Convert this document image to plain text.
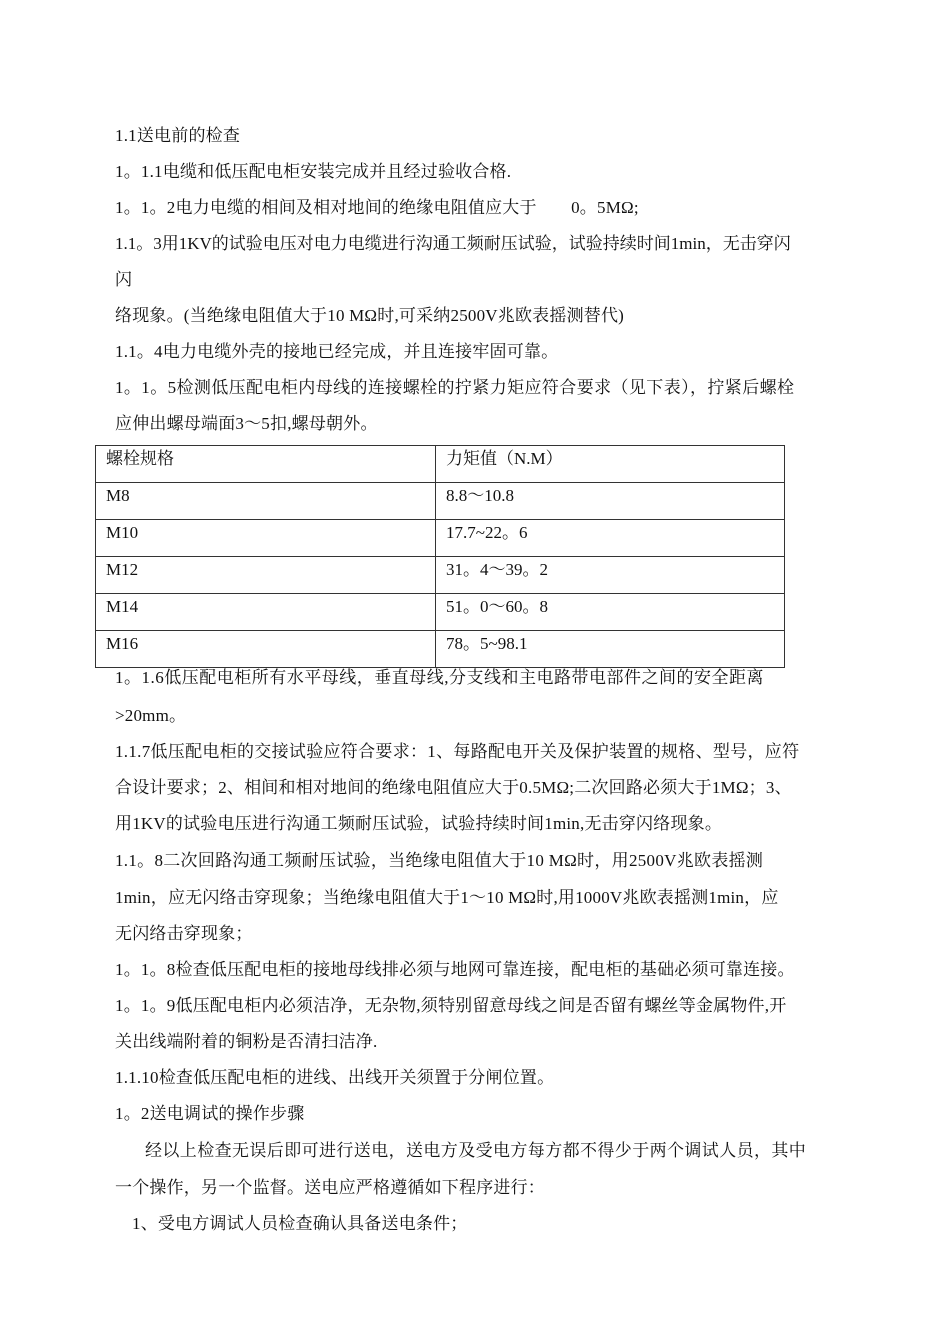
1.1送电前的检查
1。1.1电缆和低压配电柜安装完成并且经过验收合格.
1。1。2电力电缆的相间及相对地间的绝缘电阻值应大于　　0。5MΩ;
1.1。3用1KV的试验电压对电力电缆进行沟通工频耐压试验，试验持续时间1min，无击穿闪
闪
络现象。(当绝缘电阻值大于10 MΩ时,可采纳2500V兆欧表摇测替代)
1.1。4电力电缆外壳的接地已经完成，并且连接牢固可靠。
1。1。5检测低压配电柜内母线的连接螺栓的拧紧力矩应符合要求（见下表），拧紧后螺栓
应伸出螺母端面3～5扣,螺母朝外。
螺栓规格	力矩值（N.M）
M8	8.8～10.8
M10	17.7~22。6
M12	31。4～39。2
M14	51。0～60。8
M16	78。5~98.1
1。1.6低压配电柜所有水平母线，垂直母线,分支线和主电路带电部件之间的安全距离
>20mm。
1.1.7低压配电柜的交接试验应符合要求：1、每路配电开关及保护装置的规格、型号，应符
合设计要求；2、相间和相对地间的绝缘电阻值应大于0.5MΩ;二次回路必须大于1MΩ；3、
用1KV的试验电压进行沟通工频耐压试验，试验持续时间1min,无击穿闪络现象。
1.1。8二次回路沟通工频耐压试验，当绝缘电阻值大于10 MΩ时，用2500V兆欧表摇测
1min，应无闪络击穿现象；当绝缘电阻值大于1～10 MΩ时,用1000V兆欧表摇测1min，应
无闪络击穿现象；
1。1。8检查低压配电柜的接地母线排必须与地网可靠连接，配电柜的基础必须可靠连接。
1。1。9低压配电柜内必须洁净，无杂物,须特别留意母线之间是否留有螺丝等金属物件,开
关出线端附着的铜粉是否清扫洁净.
1.1.10检查低压配电柜的进线、出线开关须置于分闸位置。
1。2送电调试的操作步骤
经以上检查无误后即可进行送电，送电方及受电方每方都不得少于两个调试人员，其中
一个操作，另一个监督。送电应严格遵循如下程序进行：
1、受电方调试人员检查确认具备送电条件；
